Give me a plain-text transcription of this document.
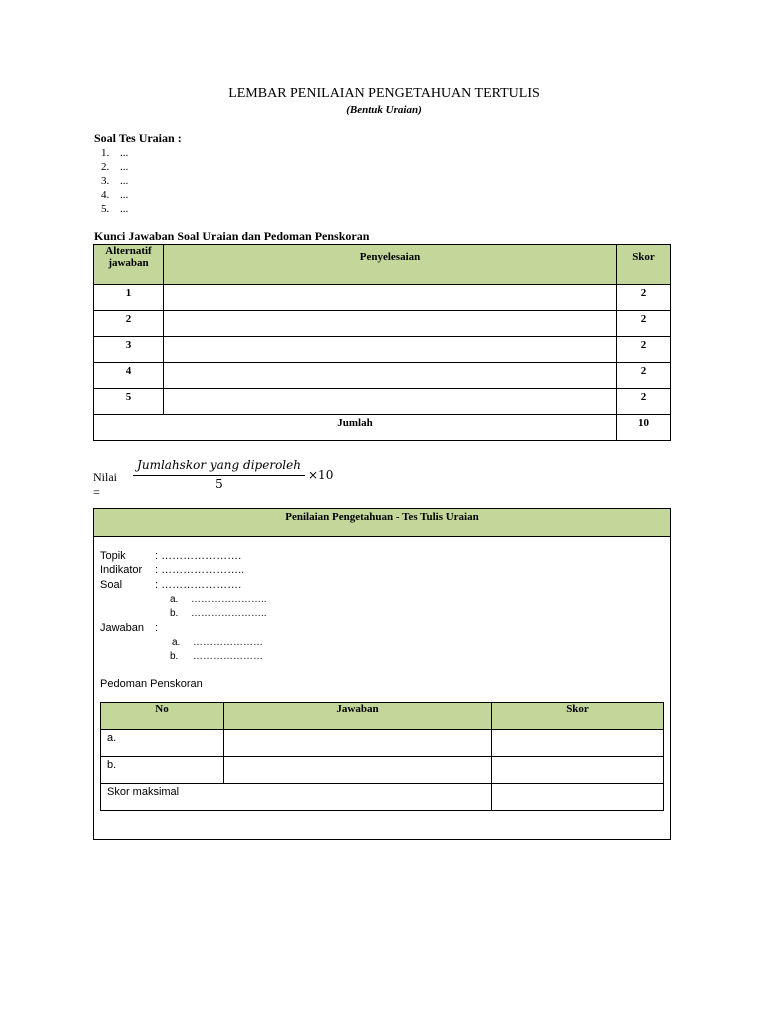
LEMBAR PENILAIAN PENGETAHUAN TERTULIS
(Bentuk Uraian)
Soal Tes Uraian :
1. ...
2. ...
3. ...
4. ...
5. ...
Kunci Jawaban Soal Uraian dan Pedoman Penskoran
Alternatif jawaban	Penyelesaian	Skor
1		2
2		2
3		2
4		2
5		2
Jumlah		10
Nilai =
Jumlahskor yang diperoleh
5
×10
Penilaian Pengetahuan - Tes Tulis Uraian
Topik	: ………………….
Indikator : …………………..
Soal	: ………………….
a. …………………..
b. …………………..
Jawaban :
a. …………………
b. …………………
Pedoman Penskoran
No	Jawaban	Skor
a.		
b.		
Skor maksimal		
